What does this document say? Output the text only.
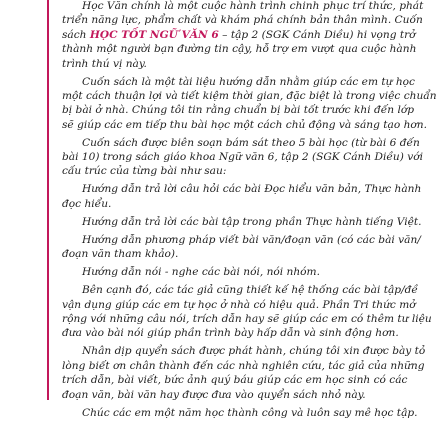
Học Văn chính là một cuộc hành trình chinh phục trí thức, phát
triển năng lực, phẩm chất và khám phá chính bản thân mình. Cuốn
sách HỌC TỐT NGỮ VĂN 6 – tập 2 (SGK Cánh Diều) hi vọng trở
thành một người bạn đường tin cậy, hỗ trợ em vượt qua cuộc hành
trình thú vị này.
Cuốn sách là một tài liệu hướng dẫn nhằm giúp các em tự học
một cách thuận lợi và tiết kiệm thời gian, đặc biệt là trong việc chuẩn
bị bài ở nhà. Chúng tôi tin rằng chuẩn bị bài tốt trước khi đến lớp
sẽ giúp các em tiếp thu bài học một cách chủ động và sáng tạo hơn.
Cuốn sách được biên soạn bám sát theo 5 bài học (từ bài 6 đến
bài 10) trong sách giáo khoa Ngữ văn 6, tập 2 (SGK Cánh Diều) với
cấu trúc của từng bài như sau:
Hướng dẫn trả lời câu hỏi các bài Đọc hiểu văn bản, Thực hành
đọc hiểu.
Hướng dẫn trả lời các bài tập trong phần Thực hành tiếng Việt.
Hướng dẫn phương pháp viết bài văn/đoạn văn (có các bài văn/
đoạn văn tham khảo).
Hướng dẫn nói - nghe các bài nói, nói nhóm.
Bên cạnh đó, các tác giả cũng thiết kế hệ thống các bài tập/đề
vận dụng giúp các em tự học ở nhà có hiệu quả. Phần Tri thức mở
rộng với những câu nói, trích dẫn hay sẽ giúp các em có thêm tư liệu
đưa vào bài nói giúp phần trình bày hấp dẫn và sinh động hơn.
Nhân dịp quyển sách được phát hành, chúng tôi xin được bày tỏ
lòng biết ơn chân thành đến các nhà nghiên cứu, tác giả của những
trích dẫn, bài viết, bức ảnh quý báu giúp các em học sinh có các
đoạn văn, bài văn hay được đưa vào quyển sách nhỏ này.
Chúc các em một năm học thành công và luôn say mê học tập.
